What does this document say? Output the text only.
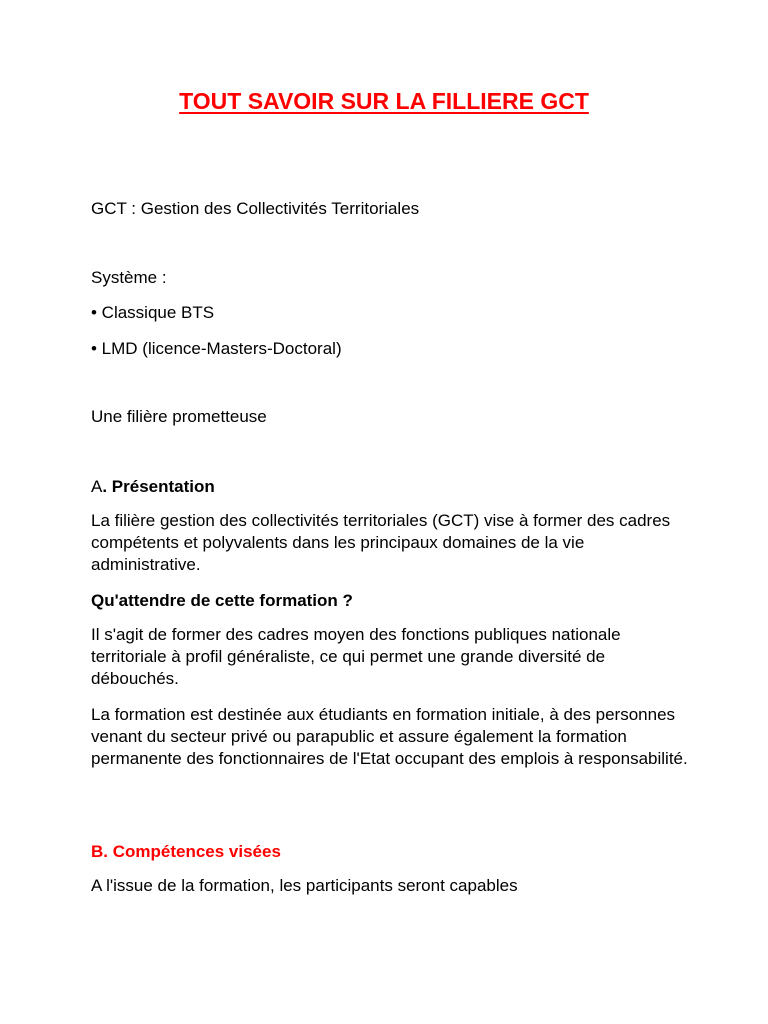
TOUT SAVOIR SUR LA FILLIERE GCT

GCT : Gestion des Collectivités Territoriales

Système :

• Classique BTS

• LMD (licence-Masters-Doctoral)

Une filière prometteuse

A. Présentation

La filière gestion des collectivités territoriales (GCT) vise à former des cadres compétents et polyvalents dans les principaux domaines de la vie administrative.

Qu'attendre de cette formation ?

Il s'agit de former des cadres moyen des fonctions publiques nationale territoriale à profil généraliste, ce qui permet une grande diversité de débouchés.

La formation est destinée aux étudiants en formation initiale, à des personnes venant du secteur privé ou parapublic et assure également la formation permanente des fonctionnaires de l'Etat occupant des emplois à responsabilité.

B. Compétences visées

A l'issue de la formation, les participants seront capables
